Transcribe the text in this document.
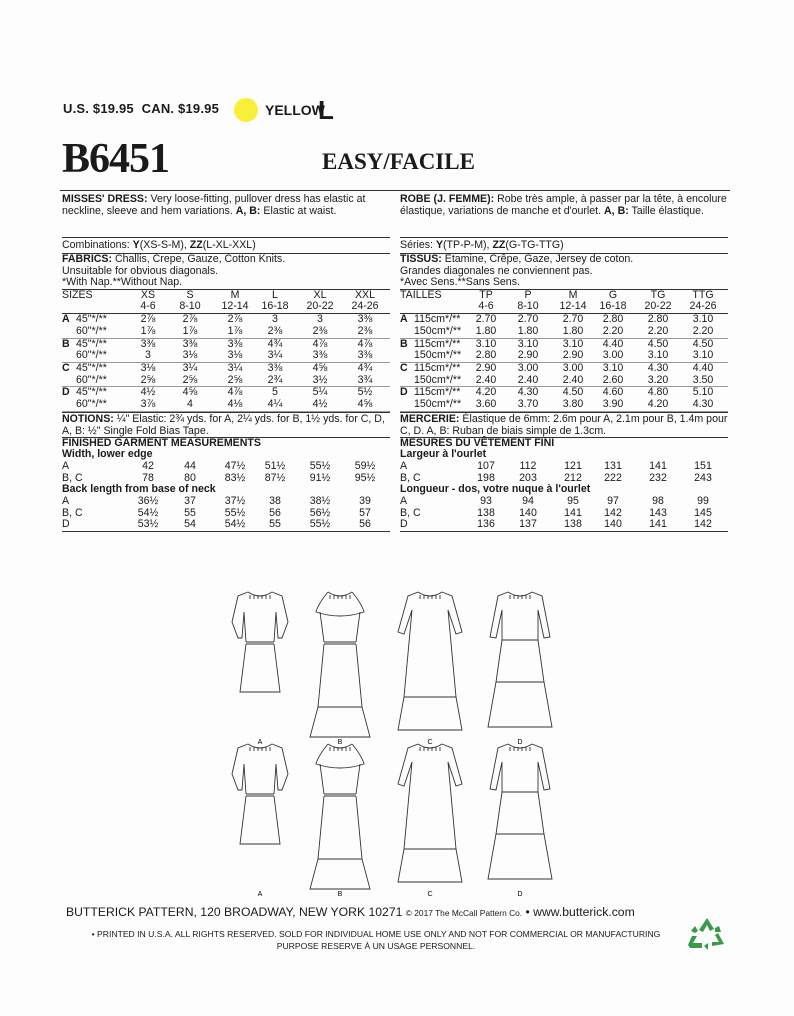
U.S. $19.95 CAN. $19.95	YELLOW
L
B6451	EASY/FACILE
MISSES' DRESS: Very loose-fitting, pullover dress has elastic at neckline, sleeve and hem variations. A, B: Elastic at waist.
Combinations: Y(XS-S-M), ZZ(L-XL-XXL)
FABRICS: Challis, Crepe, Gauze, Cotton Knits.
Unsuitable for obvious diagonals.
*With Nap.**Without Nap.
SIZES	XS	S	M	L	XL	XXL
4-6	8-10	12-14	16-18	20-22	24-26
A 45"*/**	2⅞	2⅞	2⅞	3	3	3⅜
60"*/**	1⅞	1⅞	1⅞	2⅜	2⅜	2⅜
B 45"*/**	3⅜	3⅜	3⅜	4¾	4⅞	4⅞
60"*/**	3	3⅛	3⅛	3¼	3⅜	3⅜
C 45"*/**	3⅛	3¼	3¼	3⅜	4⅝	4¾
60"*/**	2⅝	2⅝	2⅝	2¾	3½	3¾
D 45"*/**	4½	4⅝	4⅞	5	5¼	5½
60"*/**	3⅞	4	4⅛	4¼	4½	4⅝
NOTIONS: ¼" Elastic: 2¾ yds. for A, 2¼ yds. for B, 1½ yds. for C, D, A, B: ½" Single Fold Bias Tape.
FINISHED GARMENT MEASUREMENTS
Width, lower edge
A	42	44	47½	51½	55½	59½
B, C	78	80	83½	87½	91½	95½
Back length from base of neck
A	36½	37	37½	38	38½	39
B, C	54½	55	55½	56	56½	57
D	53½	54	54½	55	55½	56
ROBE (J. FEMME): Robe très ample, à passer par la tête, à encolure élastique, variations de manche et d'ourlet. A, B: Taille élastique.
Séries: Y(TP-P-M), ZZ(G-TG-TTG)
TISSUS: Etamine, Crêpe, Gaze, Jersey de coton.
Grandes diagonales ne conviennent pas.
*Avec Sens.**Sans Sens.
TAILLES	TP	P	M	G	TG	TTG
4-6	8-10	12-14	16-18	20-22	24-26
A 115cm*/**	2.70	2.70	2.70	2.80	2.80	3.10
150cm*/**	1.80	1.80	1.80	2.20	2.20	2.20
B 115cm*/**	3.10	3.10	3.10	4.40	4.50	4.50
150cm*/**	2.80	2.90	2.90	3.00	3.10	3.10
C 115cm*/**	2.90	3.00	3.00	3.10	4.30	4.40
150cm*/**	2.40	2.40	2.40	2.60	3.20	3.50
D 115cm*/**	4.20	4.30	4.50	4.60	4.80	5.10
150cm*/**	3.60	3.70	3.80	3.90	4.20	4.30
MERCERIE: Élastique de 6mm: 2.6m pour A, 2.1m pour B, 1.4m pour C, D. A, B: Ruban de biais simple de 1.3cm.
MESURES DU VÊTEMENT FINI
Largeur à l'ourlet
A	107	112	121	131	141	151
B, C	198	203	212	222	232	243
Longueur - dos, votre nuque à l'ourlet
A	93	94	95	97	98	99
B, C	138	140	141	142	143	145
D	136	137	138	140	141	142
A	B	C	D
A	B	C	D
BUTTERICK PATTERN, 120 BROADWAY, NEW YORK 10271 © 2017 The McCall Pattern Co. • www.butterick.com
• PRINTED IN U.S.A. ALL RIGHTS RESERVED. SOLD FOR INDIVIDUAL HOME USE ONLY AND NOT FOR COMMERCIAL OR MANUFACTURING
PURPOSE RESERVE À UN USAGE PERSONNEL.
